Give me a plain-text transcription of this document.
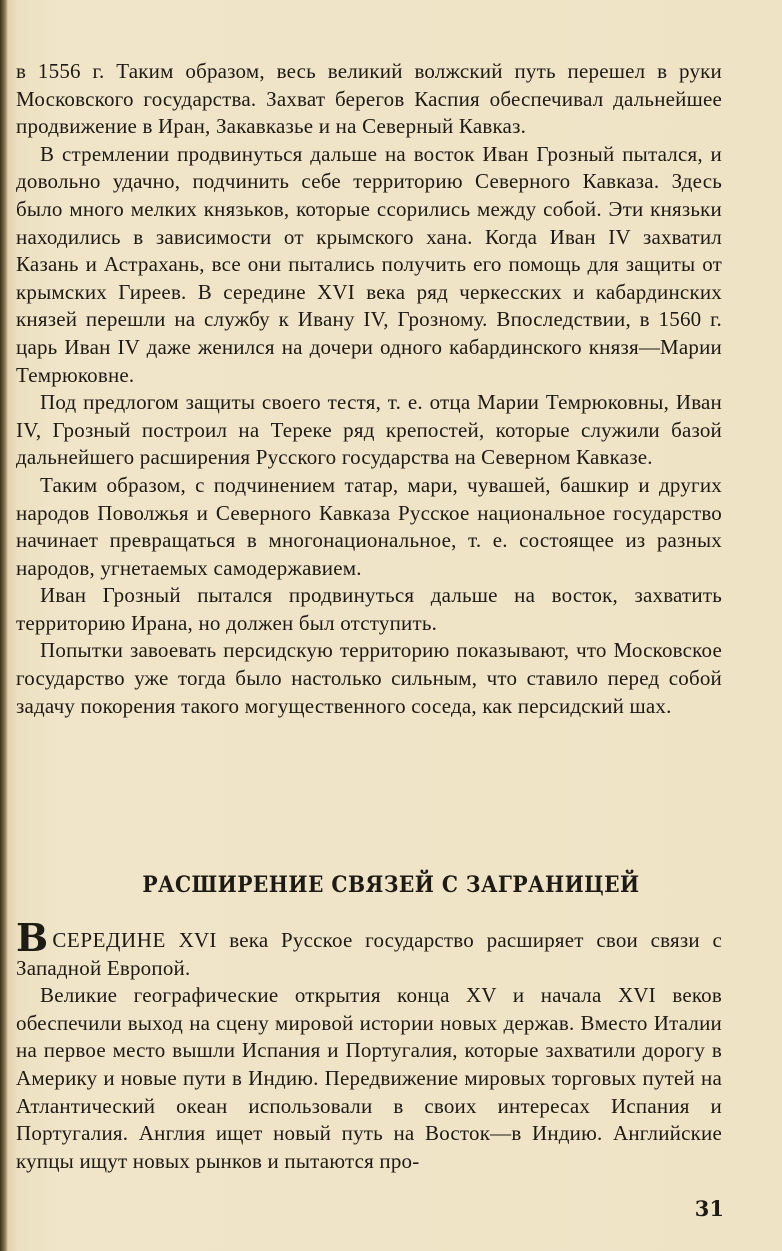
в 1556 г. Таким образом, весь великий волжский путь перешел в руки Московского государства. Захват берегов Каспия обеспечивал дальнейшее продвижение в Иран, Закавказье и на Северный Кавказ.

В стремлении продвинуться дальше на восток Иван Грозный пытался, и довольно удачно, подчинить себе территорию Северного Кавказа. Здесь было много мелких князьков, которые ссорились между собой. Эти князьки находились в зависимости от крымского хана. Когда Иван IV захватил Казань и Астрахань, все они пытались получить его помощь для защиты от крымских Гиреев. В середине XVI века ряд черкесских и кабардинских князей перешли на службу к Ивану IV, Грозному. Впоследствии, в 1560 г. царь Иван IV даже женился на дочери одного кабардинского князя—Марии Темрюковне.

Под предлогом защиты своего тестя, т. е. отца Марии Темрюковны, Иван IV, Грозный построил на Тереке ряд крепостей, которые служили базой дальнейшего расширения Русского государства на Северном Кавказе.

Таким образом, с подчинением татар, мари, чувашей, башкир и других народов Поволжья и Северного Кавказа Русское национальное государство начинает превращаться в многонациональное, т. е. состоящее из разных народов, угнетаемых самодержавием.

Иван Грозный пытался продвинуться дальше на восток, захватить территорию Ирана, но должен был отступить.

Попытки завоевать персидскую территорию показывают, что Московское государство уже тогда было настолько сильным, что ставило перед собой задачу покорения такого могущественного соседа, как персидский шах.

РАСШИРЕНИЕ СВЯЗЕЙ С ЗАГРАНИЦЕЙ

ВСЕРЕДИНЕ XVI века Русское государство расширяет свои связи с Западной Европой.

Великие географические открытия конца XV и начала XVI веков обеспечили выход на сцену мировой истории новых держав. Вместо Италии на первое место вышли Испания и Португалия, которые захватили дорогу в Америку и новые пути в Индию. Передвижение мировых торговых путей на Атлантический океан использовали в своих интересах Испания и Португалия. Англия ищет новый путь на Восток—в Индию. Английские купцы ищут новых рынков и пытаются про-

31
